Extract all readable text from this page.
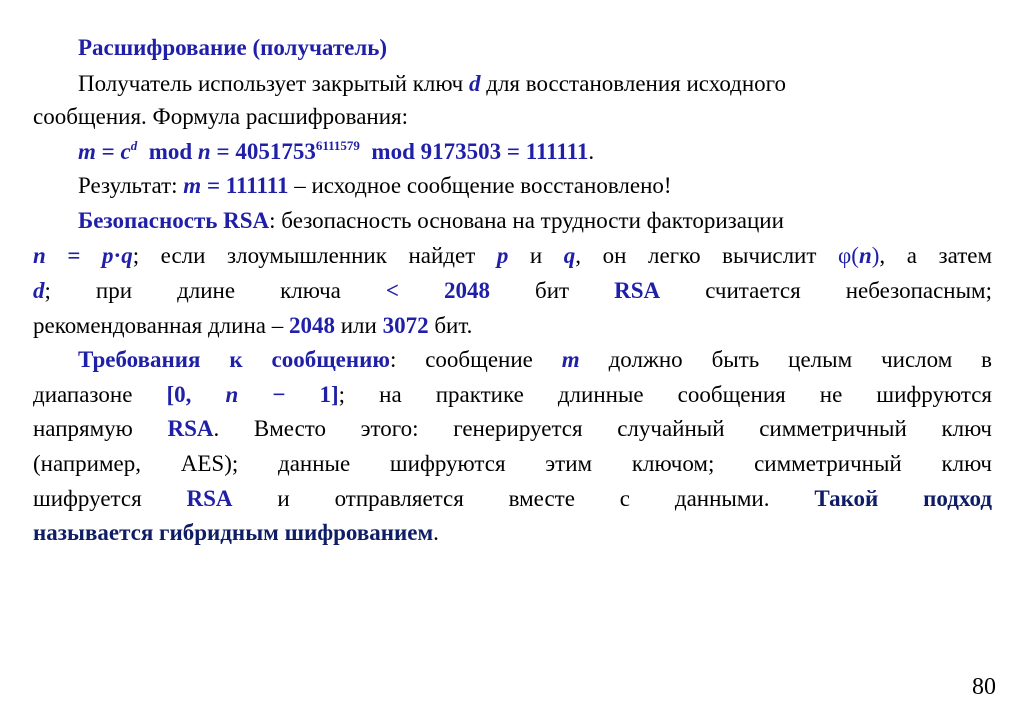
Расшифрование (получатель)
Получатель использует закрытый ключ d для восстановления исходного
сообщения. Формула расшифрования:
$m = c^d$  mod $n = 4051753^{6111579}$  mod 9173503 = 111111.
Результат: m = 111111 – исходное сообщение восстановлено!
Безопасность RSA: безопасность основана на трудности факторизации
n = p·q; если злоумышленник найдет p и q, он легко вычислит φ(n), а затем
d; при длине ключа < 2048 бит RSA считается небезопасным;
рекомендованная длина – 2048 или 3072 бит.
Требования к сообщению: сообщение m должно быть целым числом в
диапазоне [0, n − 1]; на практике длинные сообщения не шифруются
напрямую RSA. Вместо этого: генерируется случайный симметричный ключ
(например, AES); данные шифруются этим ключом; симметричный ключ
шифруется RSA и отправляется вместе с данными. Такой подход
называется гибридным шифрованием.
80
